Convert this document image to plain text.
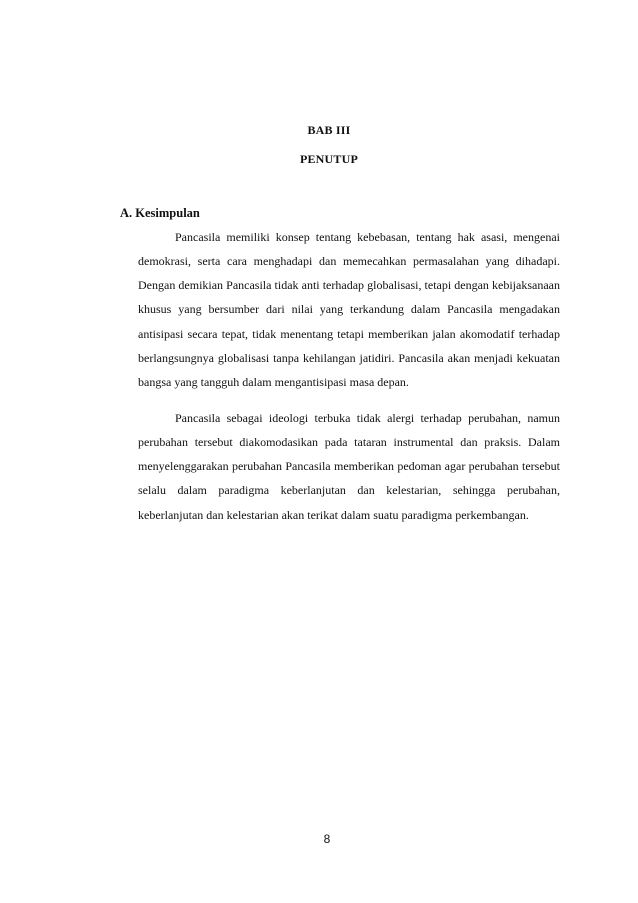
BAB III
PENUTUP
A. Kesimpulan

Pancasila memiliki konsep tentang kebebasan, tentang hak asasi, mengenai demokrasi, serta cara menghadapi dan memecahkan permasalahan yang dihadapi. Dengan demikian Pancasila tidak anti terhadap globalisasi, tetapi dengan kebijaksanaan khusus yang bersumber dari nilai yang terkandung dalam Pancasila mengadakan antisipasi secara tepat, tidak menentang tetapi memberikan jalan akomodatif terhadap berlangsungnya globalisasi tanpa kehilangan jatidiri. Pancasila akan menjadi kekuatan bangsa yang tangguh dalam mengantisipasi masa depan.

Pancasila sebagai ideologi terbuka tidak alergi terhadap perubahan, namun perubahan tersebut diakomodasikan pada tataran instrumental dan praksis. Dalam menyelenggarakan perubahan Pancasila memberikan pedoman agar perubahan tersebut selalu dalam paradigma keberlanjutan dan kelestarian, sehingga perubahan, keberlanjutan dan kelestarian akan terikat dalam suatu paradigma perkembangan.

8
